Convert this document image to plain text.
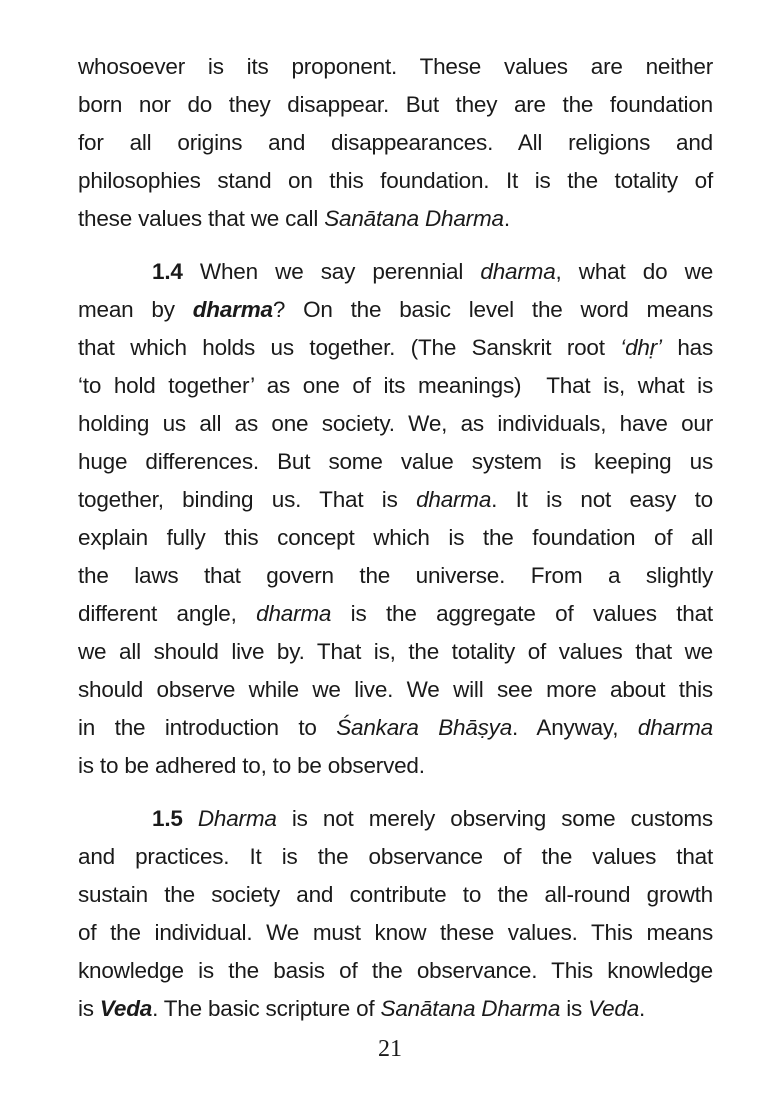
whosoever is its proponent. These values are neither
born nor do they disappear. But they are the foundation
for all origins and disappearances. All religions and
philosophies stand on this foundation. It is the totality of
these values that we call Sanātana Dharma.
1.4 When we say perennial dharma, what do we
mean by dharma? On the basic level the word means
that which holds us together. (The Sanskrit root ‘dhṛ’ has
‘to hold together’ as one of its meanings)  That is, what is
holding us all as one society. We, as individuals, have our
huge differences. But some value system is keeping us
together, binding us. That is dharma. It is not easy to
explain fully this concept which is the foundation of all
the laws that govern the universe. From a slightly
different angle, dharma is the aggregate of values that
we all should live by. That is, the totality of values that we
should observe while we live. We will see more about this
in the introduction to Śankara Bhāṣya. Anyway, dharma
is to be adhered to, to be observed.
1.5 Dharma is not merely observing some customs
and practices. It is the observance of the values that
sustain the society and contribute to the all-round growth
of the individual. We must know these values. This means
knowledge is the basis of the observance. This knowledge
is Veda. The basic scripture of Sanātana Dharma is Veda.
21
